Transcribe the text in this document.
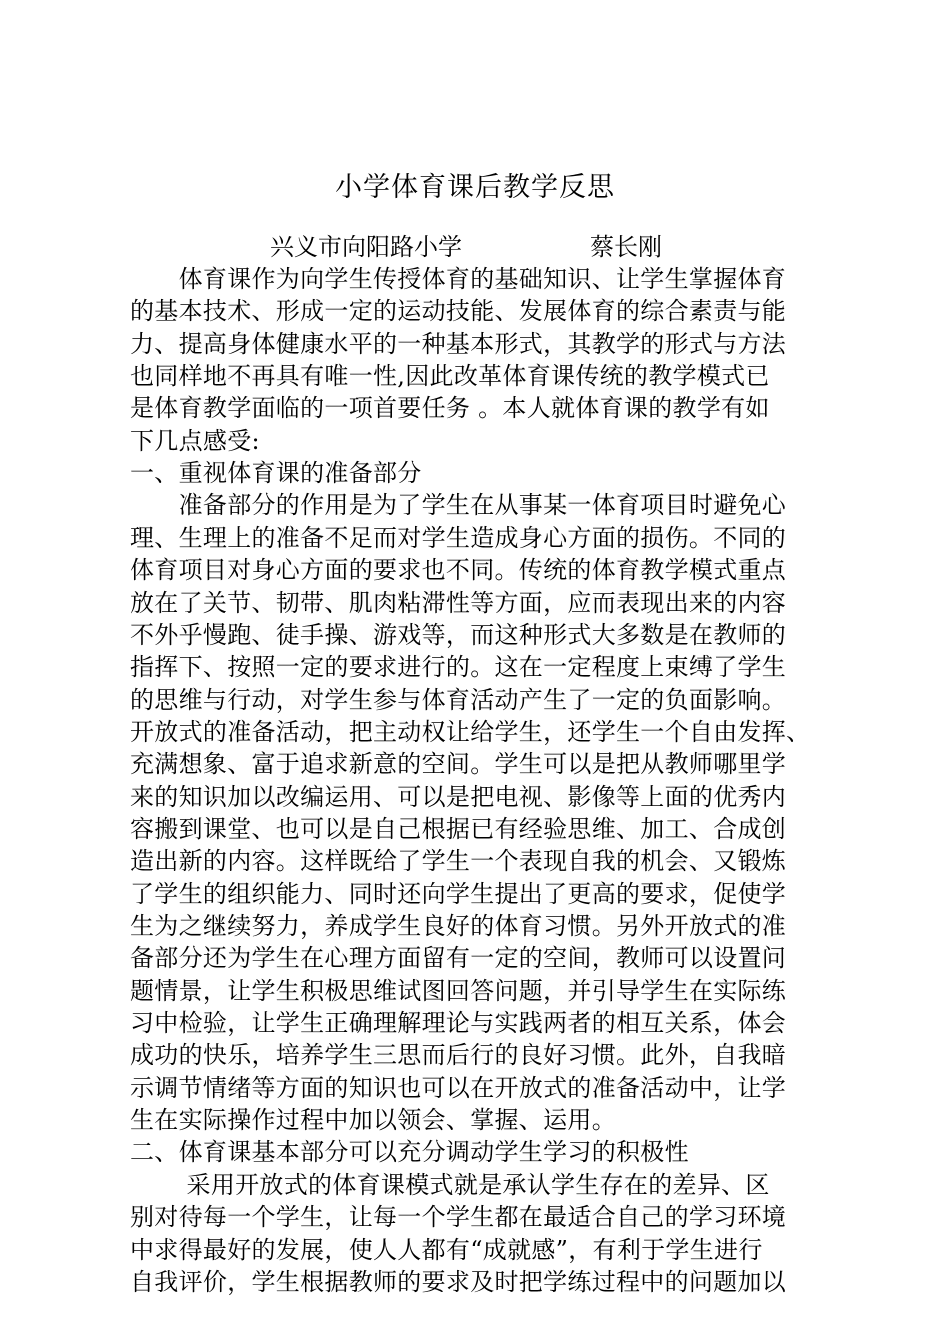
小学体育课后教学反思
兴义市向阳路小学	蔡长刚
　　体育课作为向学生传授体育的基础知识、让学生掌握体育
的基本技术、形成一定的运动技能、发展体育的综合素责与能
力、提高身体健康水平的一种基本形式，其教学的形式与方法
也同样地不再具有唯一性,因此改革体育课传统的教学模式已
是体育教学面临的一项首要任务 。本人就体育课的教学有如
下几点感受:
一、重视体育课的准备部分
　　准备部分的作用是为了学生在从事某一体育项目时避免心
理、生理上的准备不足而对学生造成身心方面的损伤。不同的
体育项目对身心方面的要求也不同。传统的体育教学模式重点
放在了关节、韧带、肌肉粘滞性等方面，应而表现出来的内容
不外乎慢跑、徒手操、游戏等，而这种形式大多数是在教师的
指挥下、按照一定的要求进行的。这在一定程度上束缚了学生
的思维与行动，对学生参与体育活动产生了一定的负面影响。
开放式的准备活动，把主动权让给学生，还学生一个自由发挥、
充满想象、富于追求新意的空间。学生可以是把从教师哪里学
来的知识加以改编运用、可以是把电视、影像等上面的优秀内
容搬到课堂、也可以是自己根据已有经验思维、加工、合成创
造出新的内容。这样既给了学生一个表现自我的机会、又锻炼
了学生的组织能力、同时还向学生提出了更高的要求，促使学
生为之继续努力，养成学生良好的体育习惯。另外开放式的准
备部分还为学生在心理方面留有一定的空间，教师可以设置问
题情景，让学生积极思维试图回答问题，并引导学生在实际练
习中检验，让学生正确理解理论与实践两者的相互关系，体会
成功的快乐，培养学生三思而后行的良好习惯。此外，自我暗
示调节情绪等方面的知识也可以在开放式的准备活动中，让学
生在实际操作过程中加以领会、掌握、运用。
二、体育课基本部分可以充分调动学生学习的积极性
　　 采用开放式的体育课模式就是承认学生存在的差异、区
别对待每一个学生，让每一个学生都在最适合自己的学习环境
中求得最好的发展，使人人都有“成就感”，有利于学生进行
自我评价，学生根据教师的要求及时把学练过程中的问题加以
